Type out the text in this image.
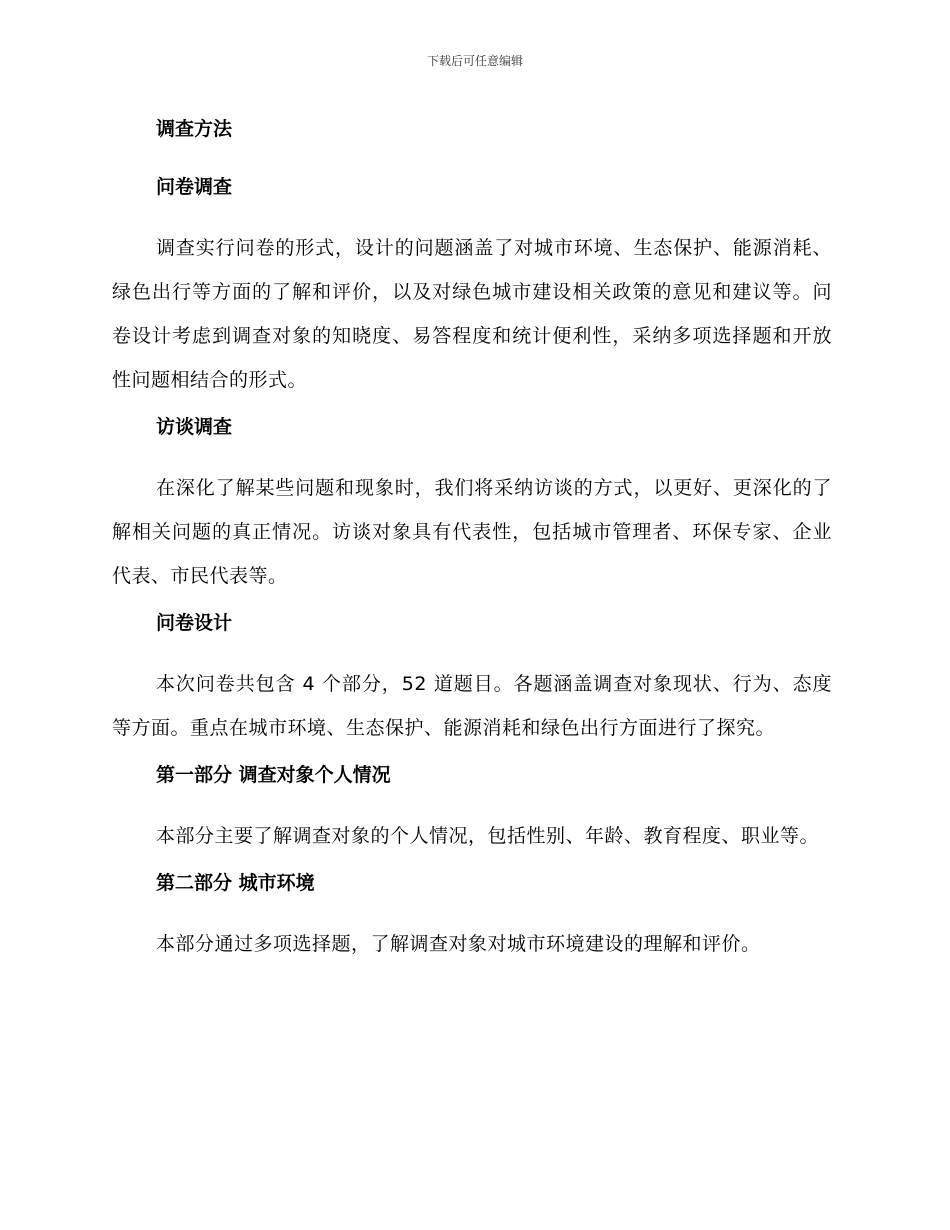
下载后可任意编辑
调查方法
问卷调查

调查实行问卷的形式，设计的问题涵盖了对城市环境、生态保护、能源消耗、绿色出行等方面的了解和评价，以及对绿色城市建设相关政策的意见和建议等。问卷设计考虑到调查对象的知晓度、易答程度和统计便利性，采纳多项选择题和开放性问题相结合的形式。

访谈调查

在深化了解某些问题和现象时，我们将采纳访谈的方式，以更好、更深化的了解相关问题的真正情况。访谈对象具有代表性，包括城市管理者、环保专家、企业代表、市民代表等。

问卷设计

本次问卷共包含 4 个部分，52 道题目。各题涵盖调查对象现状、行为、态度等方面。重点在城市环境、生态保护、能源消耗和绿色出行方面进行了探究。

第一部分 调查对象个人情况

本部分主要了解调查对象的个人情况，包括性别、年龄、教育程度、职业等。

第二部分 城市环境

本部分通过多项选择题，了解调查对象对城市环境建设的理解和评价。
